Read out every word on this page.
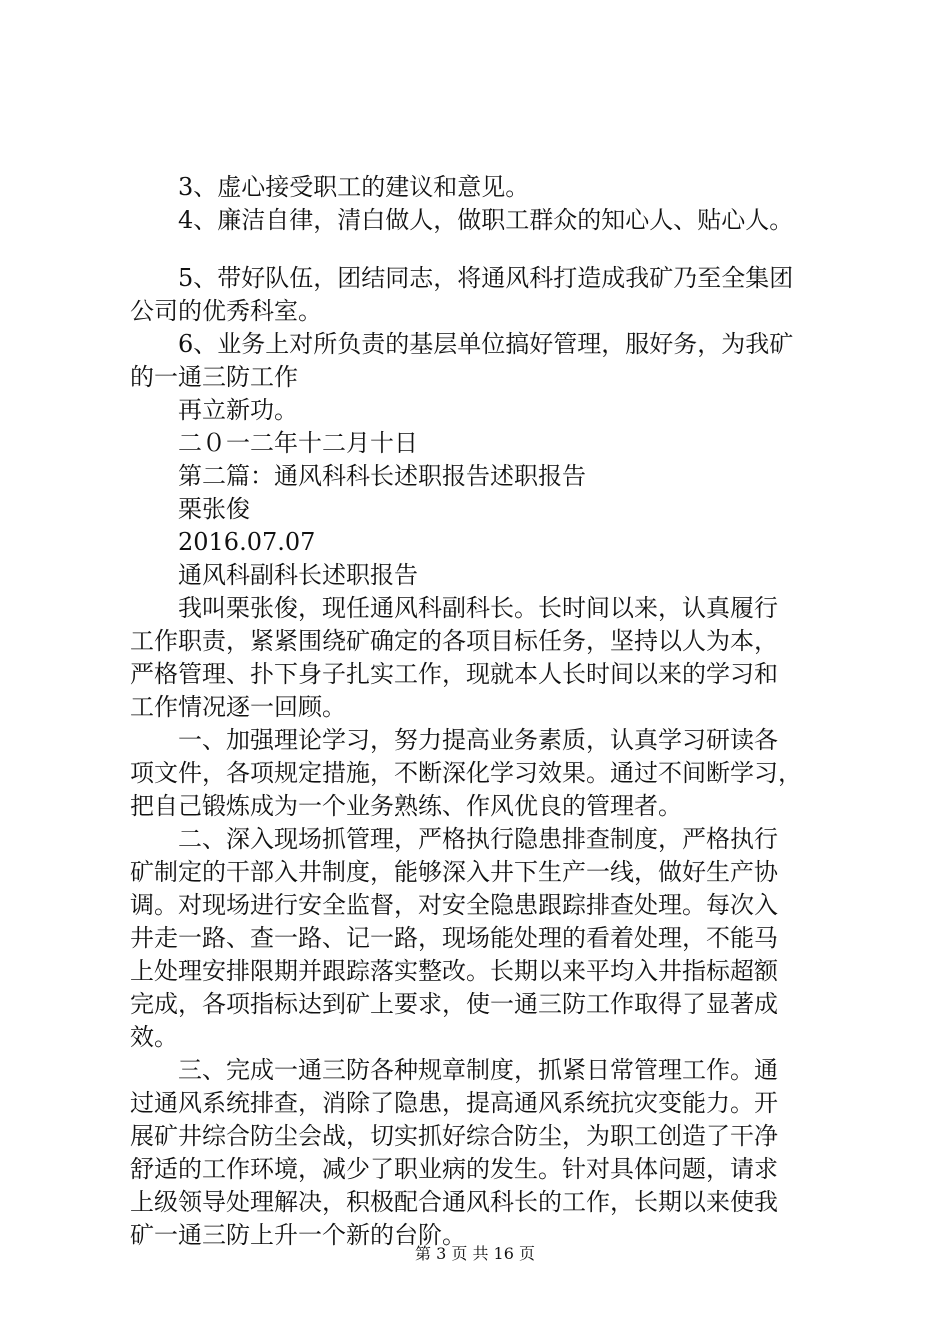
3、虚心接受职工的建议和意见。
4、廉洁自律，清白做人，做职工群众的知心人、贴心人。
5、带好队伍，团结同志，将通风科打造成我矿乃至全集团
公司的优秀科室。
6、业务上对所负责的基层单位搞好管理，服好务，为我矿
的一通三防工作
再立新功。
二０一二年十二月十日
第二篇：通风科科长述职报告述职报告
栗张俊
2016.07.07
通风科副科长述职报告
我叫栗张俊，现任通风科副科长。长时间以来，认真履行
工作职责，紧紧围绕矿确定的各项目标任务，坚持以人为本，
严格管理、扑下身子扎实工作，现就本人长时间以来的学习和
工作情况逐一回顾。
一、加强理论学习，努力提高业务素质，认真学习研读各
项文件，各项规定措施，不断深化学习效果。通过不间断学习，
把自己锻炼成为一个业务熟练、作风优良的管理者。
二、深入现场抓管理，严格执行隐患排查制度，严格执行
矿制定的干部入井制度，能够深入井下生产一线，做好生产协
调。对现场进行安全监督，对安全隐患跟踪排查处理。每次入
井走一路、查一路、记一路，现场能处理的看着处理，不能马
上处理安排限期并跟踪落实整改。长期以来平均入井指标超额
完成，各项指标达到矿上要求，使一通三防工作取得了显著成
效。
三、完成一通三防各种规章制度，抓紧日常管理工作。通
过通风系统排查，消除了隐患，提高通风系统抗灾变能力。开
展矿井综合防尘会战，切实抓好综合防尘，为职工创造了干净
舒适的工作环境，减少了职业病的发生。针对具体问题，请求
上级领导处理解决，积极配合通风科长的工作，长期以来使我
矿一通三防上升一个新的台阶。
第 3 页 共 16 页
